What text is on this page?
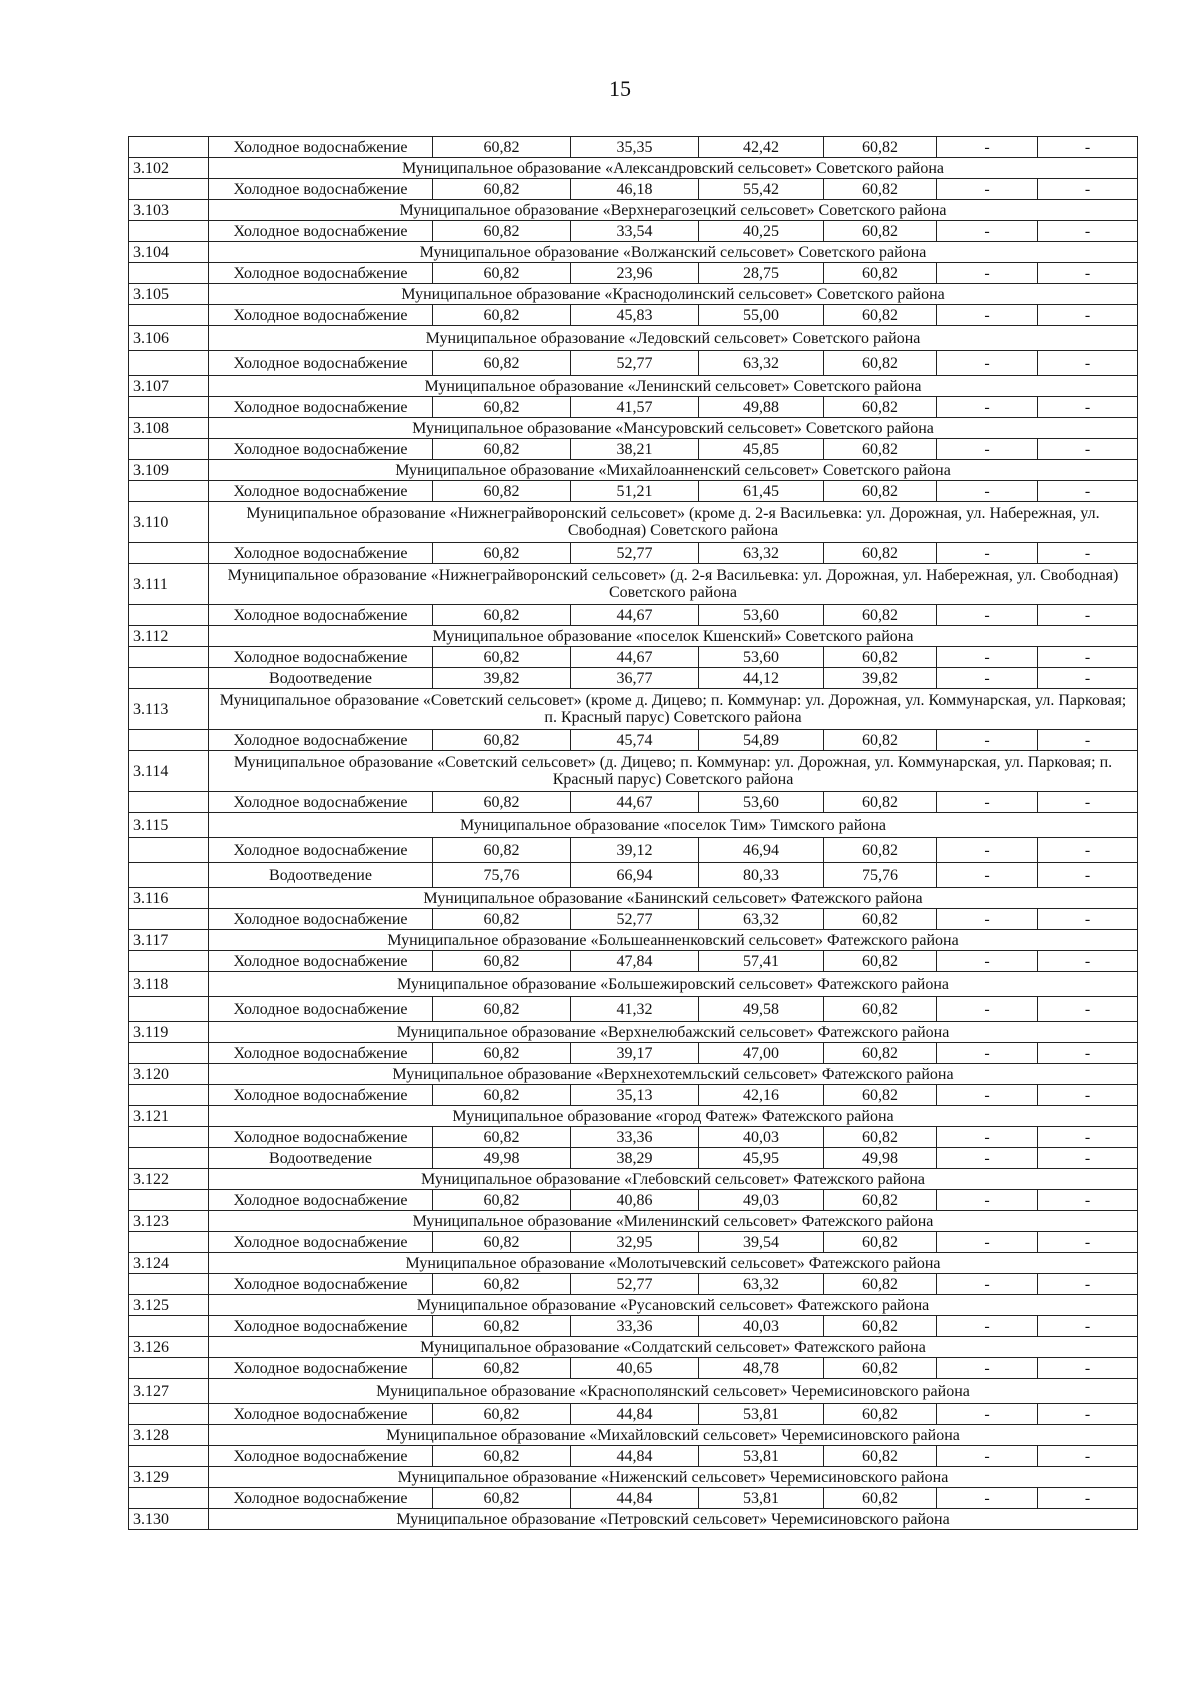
15
	Холодное водоснабжение	60,82	35,35	42,42	60,82	-	-
3.102	Муниципальное образование «Александровский сельсовет» Советского района						
	Холодное водоснабжение	60,82	46,18	55,42	60,82	-	-
3.103	Муниципальное образование «Верхнерагозецкий сельсовет» Советского района						
	Холодное водоснабжение	60,82	33,54	40,25	60,82	-	-
3.104	Муниципальное образование «Волжанский сельсовет» Советского района						
	Холодное водоснабжение	60,82	23,96	28,75	60,82	-	-
3.105	Муниципальное образование «Краснодолинский сельсовет» Советского района						
	Холодное водоснабжение	60,82	45,83	55,00	60,82	-	-
3.106	Муниципальное образование «Ледовский сельсовет» Советского района						
	Холодное водоснабжение	60,82	52,77	63,32	60,82	-	-
3.107	Муниципальное образование «Ленинский сельсовет» Советского района						
	Холодное водоснабжение	60,82	41,57	49,88	60,82	-	-
3.108	Муниципальное образование «Мансуровский сельсовет» Советского района						
	Холодное водоснабжение	60,82	38,21	45,85	60,82	-	-
3.109	Муниципальное образование «Михайлоанненский сельсовет» Советского района						
	Холодное водоснабжение	60,82	51,21	61,45	60,82	-	-
3.110	Муниципальное образование «Нижнеграйворонский сельсовет» (кроме д. 2-я Васильевка: ул. Дорожная, ул. Набережная, ул. Свободная) Советского района						
	Холодное водоснабжение	60,82	52,77	63,32	60,82	-	-
3.111	Муниципальное образование «Нижнеграйворонский сельсовет» (д. 2-я Васильевка: ул. Дорожная, ул. Набережная, ул. Свободная) Советского района						
	Холодное водоснабжение	60,82	44,67	53,60	60,82	-	-
3.112	Муниципальное образование «поселок Кшенский» Советского района						
	Холодное водоснабжение	60,82	44,67	53,60	60,82	-	-
	Водоотведение	39,82	36,77	44,12	39,82	-	-
3.113	Муниципальное образование «Советский сельсовет» (кроме д. Дицево; п. Коммунар: ул. Дорожная, ул. Коммунарская, ул. Парковая; п. Красный парус) Советского района						
	Холодное водоснабжение	60,82	45,74	54,89	60,82	-	-
3.114	Муниципальное образование «Советский сельсовет» (д. Дицево; п. Коммунар: ул. Дорожная, ул. Коммунарская, ул. Парковая; п. Красный парус) Советского района						
	Холодное водоснабжение	60,82	44,67	53,60	60,82	-	-
3.115	Муниципальное образование «поселок Тим» Тимского района						
	Холодное водоснабжение	60,82	39,12	46,94	60,82	-	-
	Водоотведение	75,76	66,94	80,33	75,76	-	-
3.116	Муниципальное образование «Банинский сельсовет» Фатежского района						
	Холодное водоснабжение	60,82	52,77	63,32	60,82	-	-
3.117	Муниципальное образование «Большеанненковский сельсовет» Фатежского района						
	Холодное водоснабжение	60,82	47,84	57,41	60,82	-	-
3.118	Муниципальное образование «Большежировский сельсовет» Фатежского района						
	Холодное водоснабжение	60,82	41,32	49,58	60,82	-	-
3.119	Муниципальное образование «Верхнелюбажский сельсовет» Фатежского района						
	Холодное водоснабжение	60,82	39,17	47,00	60,82	-	-
3.120	Муниципальное образование «Верхнехотемльский сельсовет» Фатежского района						
	Холодное водоснабжение	60,82	35,13	42,16	60,82	-	-
3.121	Муниципальное образование «город Фатеж» Фатежского района						
	Холодное водоснабжение	60,82	33,36	40,03	60,82	-	-
	Водоотведение	49,98	38,29	45,95	49,98	-	-
3.122	Муниципальное образование «Глебовский сельсовет» Фатежского района						
	Холодное водоснабжение	60,82	40,86	49,03	60,82	-	-
3.123	Муниципальное образование «Миленинский сельсовет» Фатежского района						
	Холодное водоснабжение	60,82	32,95	39,54	60,82	-	-
3.124	Муниципальное образование «Молотычевский сельсовет» Фатежского района						
	Холодное водоснабжение	60,82	52,77	63,32	60,82	-	-
3.125	Муниципальное образование «Русановский сельсовет» Фатежского района						
	Холодное водоснабжение	60,82	33,36	40,03	60,82	-	-
3.126	Муниципальное образование «Солдатский сельсовет» Фатежского района						
	Холодное водоснабжение	60,82	40,65	48,78	60,82	-	-
3.127	Муниципальное образование «Краснополянский сельсовет» Черемисиновского района						
	Холодное водоснабжение	60,82	44,84	53,81	60,82	-	-
3.128	Муниципальное образование «Михайловский сельсовет» Черемисиновского района						
	Холодное водоснабжение	60,82	44,84	53,81	60,82	-	-
3.129	Муниципальное образование «Ниженский сельсовет» Черемисиновского района						
	Холодное водоснабжение	60,82	44,84	53,81	60,82	-	-
3.130	Муниципальное образование «Петровский сельсовет» Черемисиновского района						
